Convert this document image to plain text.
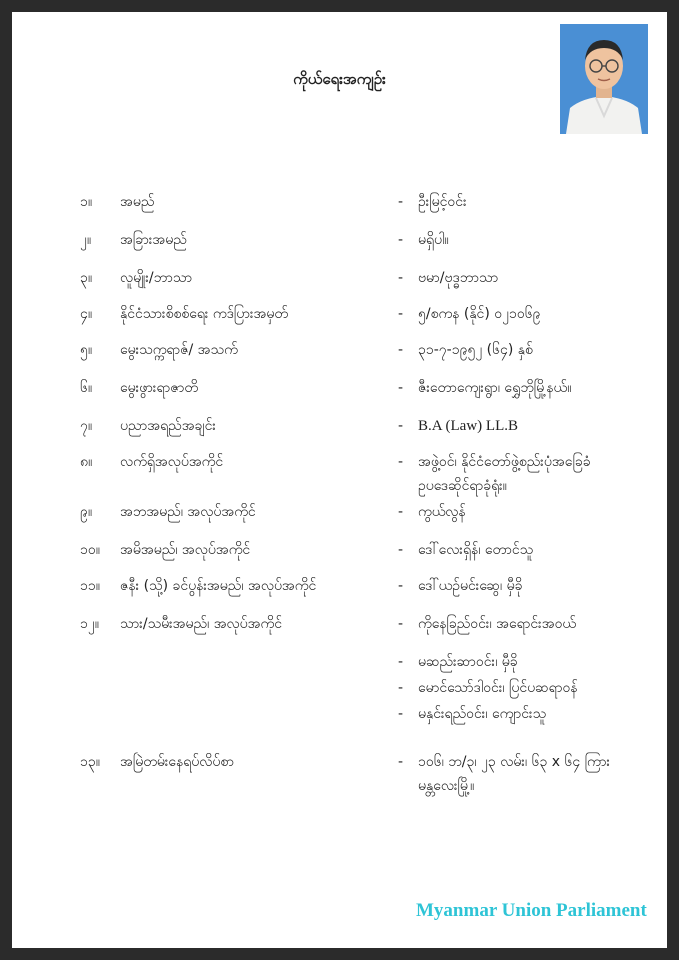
ကိုယ်ရေးအကျဉ်း
၁။	အမည်	-	ဦးမြင့်ဝင်း
၂။	အခြားအမည်	-	မရှိပါ။
၃။	လူမျိုး/ဘာသာ	-	ဗမာ/ဗုဒ္ဓဘာသာ
၄။	နိုင်ငံသားစိစစ်ရေး ကဒ်ပြားအမှတ်	-	၅/စကန (နိုင်) ၀၂၁၀၆၉
၅။	မွေးသက္ကရာဇ်/ အသက်	-	၃၁-၇-၁၉၅၂ (၆၄) နှစ်
၆။	မွေးဖွားရာဇာတိ	-	ဇီးတောကျေးရွာ၊ ရွှေဘိုမြို့နယ်။
၇။	ပညာအရည်အချင်း	- B.A (Law) LL.B
၈။	လက်ရှိအလုပ်အကိုင်	-	အဖွဲ့ဝင်၊ နိုင်ငံတော်ဖွဲ့စည်းပုံအခြေခံ
ဥပဒေဆိုင်ရာခုံရုံး။
၉။	အဘအမည်၊ အလုပ်အကိုင်	-	ကွယ်လွန်
၁၀။	အမိအမည်၊ အလုပ်အကိုင်	-	ဒေါ်လေးရှိန်၊ တောင်သူ
၁၁။	ဇနီး (သို့) ခင်ပွန်းအမည်၊ အလုပ်အကိုင်	-	ဒေါ်ယဉ်မင်းဆွေ၊ မှီခို
၁၂။	သား/သမီးအမည်၊ အလုပ်အကိုင်	-	ကိုနေခြည်ဝင်း၊ အရောင်းအဝယ်
-	မဆည်းဆာဝင်း၊ မှီခို
-	မောင်သော်ဒါဝင်း၊ ပြင်ပဆရာဝန်
-	မနှင်းရည်ဝင်း၊ ကျောင်းသူ
၁၃။	အမြဲတမ်းနေရပ်လိပ်စာ	-	၁၀၆၊ ဘ/၃၊ ၂၃ လမ်း၊ ၆၃ x ၆၄ ကြား
မန္တလေးမြို့။
Myanmar Union Parliament
